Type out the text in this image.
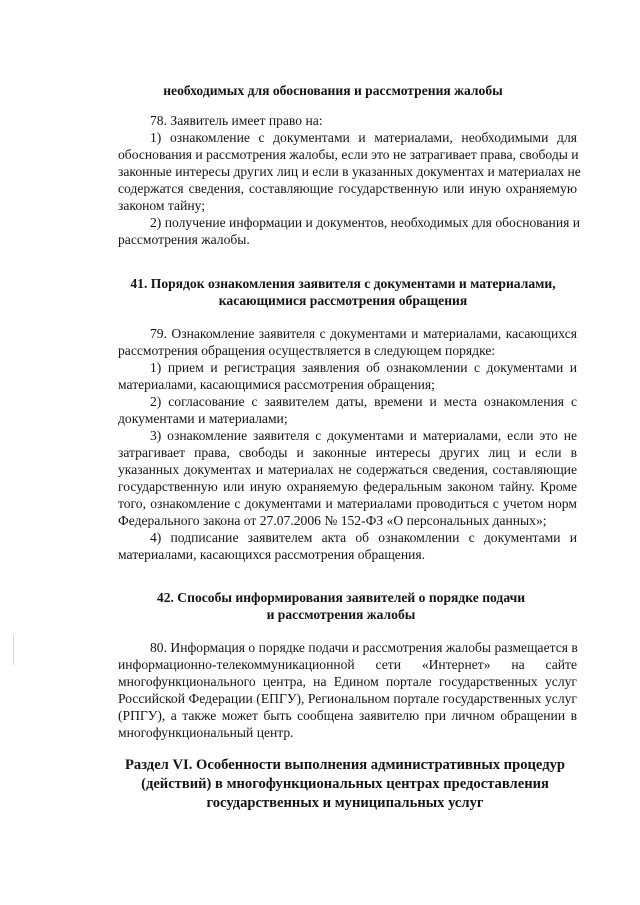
необходимых для обоснования и рассмотрения жалобы
78. Заявитель имеет право на:
1) ознакомление с документами и материалами, необходимыми для
обоснования и рассмотрения жалобы, если это не затрагивает права, свободы и
законные интересы других лиц и если в указанных документах и материалах не
содержатся сведения, составляющие государственную или иную охраняемую
законом тайну;
2) получение информации и документов, необходимых для обоснования и
рассмотрения жалобы.
41. Порядок ознакомления заявителя с документами и материалами,
касающимися рассмотрения обращения
79. Ознакомление заявителя с документами и материалами, касающихся
рассмотрения обращения осуществляется в следующем порядке:
1) прием и регистрация заявления об ознакомлении с документами и
материалами, касающимися рассмотрения обращения;
2) согласование с заявителем даты, времени и места ознакомления с
документами и материалами;
3) ознакомление заявителя с документами и материалами, если это не
затрагивает права, свободы и законные интересы других лиц и если в
указанных документах и материалах не содержаться сведения, составляющие
государственную или иную охраняемую федеральным законом тайну. Кроме
того, ознакомление с документами и материалами проводиться с учетом норм
Федерального закона от 27.07.2006 № 152-ФЗ «О персональных данных»;
4) подписание заявителем акта об ознакомлении с документами и
материалами, касающихся рассмотрения обращения.
42. Способы информирования заявителей о порядке подачи
и рассмотрения жалобы
80. Информация о порядке подачи и рассмотрения жалобы размещается в
информационно-телекоммуникационной сети «Интернет» на сайте
многофункционального центра, на Едином портале государственных услуг
Российской Федерации (ЕПГУ), Региональном портале государственных услуг
(РПГУ), а также может быть сообщена заявителю при личном обращении в
многофункциональный центр.
Раздел VI. Особенности выполнения административных процедур
(действий) в многофункциональных центрах предоставления
государственных и муниципальных услуг
